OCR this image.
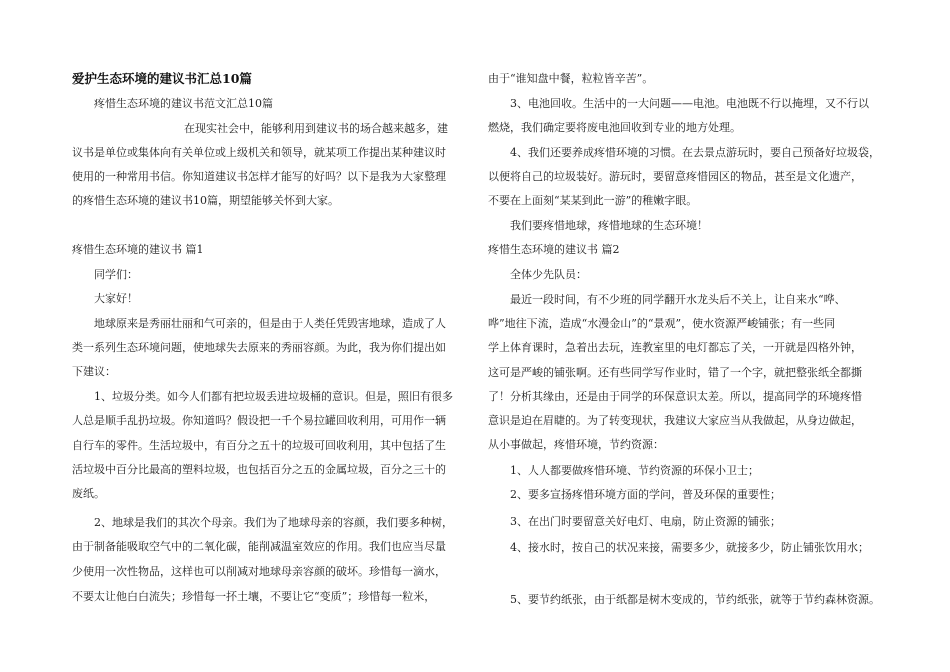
爱护生态环境的建议书汇总10篇
疼惜生态环境的建议书范文汇总10篇
在现实社会中，能够利用到建议书的场合越来越多，建
议书是单位或集体向有关单位或上级机关和领导，就某项工作提出某种建议时
使用的一种常用书信。你知道建议书怎样才能写的好吗？以下是我为大家整理
的疼惜生态环境的建议书10篇，期望能够关怀到大家。
疼惜生态环境的建议书 篇1
同学们：
大家好！
地球原来是秀丽壮丽和气可亲的，但是由于人类任凭毁害地球，造成了人
类一系列生态环境问题，使地球失去原来的秀丽容颜。为此，我为你们提出如
下建议：
1、垃圾分类。如今人们都有把垃圾丢进垃圾桶的意识。但是，照旧有很多
人总是顺手乱扔垃圾。你知道吗？假设把一千个易拉罐回收利用，可用作一辆
自行车的零件。生活垃圾中，有百分之五十的垃圾可回收利用，其中包括了生
活垃圾中百分比最高的塑料垃圾，也包括百分之五的金属垃圾，百分之三十的
废纸。
2、地球是我们的其次个母亲。我们为了地球母亲的容颜，我们要多种树，
由于制备能吸取空气中的二氧化碳，能削减温室效应的作用。我们也应当尽量
少使用一次性物品，这样也可以削减对地球母亲容颜的破坏。珍惜每一滴水，
不要太让他白白流失；珍惜每一抔土壤，不要让它“变质”；珍惜每一粒米，
由于“谁知盘中餐，粒粒皆辛苦”。
3、电池回收。生活中的一大问题——电池。电池既不行以掩埋，又不行以
燃烧，我们确定要将废电池回收到专业的地方处理。
4、我们还要养成疼惜环境的习惯。在去景点游玩时，要自己预备好垃圾袋，
以便将自己的垃圾装好。游玩时，要留意疼惜园区的物品，甚至是文化遗产，
不要在上面刻“某某到此一游”的稚嫩字眼。
我们要疼惜地球，疼惜地球的生态环境！
疼惜生态环境的建议书 篇2
全体少先队员：
最近一段时间，有不少班的同学翻开水龙头后不关上，让自来水“哗、
哗”地往下流，造成“水漫金山”的“景观”，使水资源严峻铺张；有一些同
学上体育课时，急着出去玩，连教室里的电灯都忘了关，一开就是四格外钟，
这可是严峻的铺张啊。还有些同学写作业时，错了一个字，就把整张纸全都撕
了！分析其缘由，还是由于同学的环保意识太差。所以，提高同学的环境疼惜
意识是迫在眉睫的。为了转变现状，我建议大家应当从我做起，从身边做起，
从小事做起，疼惜环境，节约资源：
1、人人都要做疼惜环境、节约资源的环保小卫士；
2、要多宣扬疼惜环境方面的学问，普及环保的重要性；
3、在出门时要留意关好电灯、电扇，防止资源的铺张；
4、接水时，按自己的状况来接，需要多少，就接多少，防止铺张饮用水；
5、要节约纸张，由于纸都是树木变成的，节约纸张，就等于节约森林资源。
